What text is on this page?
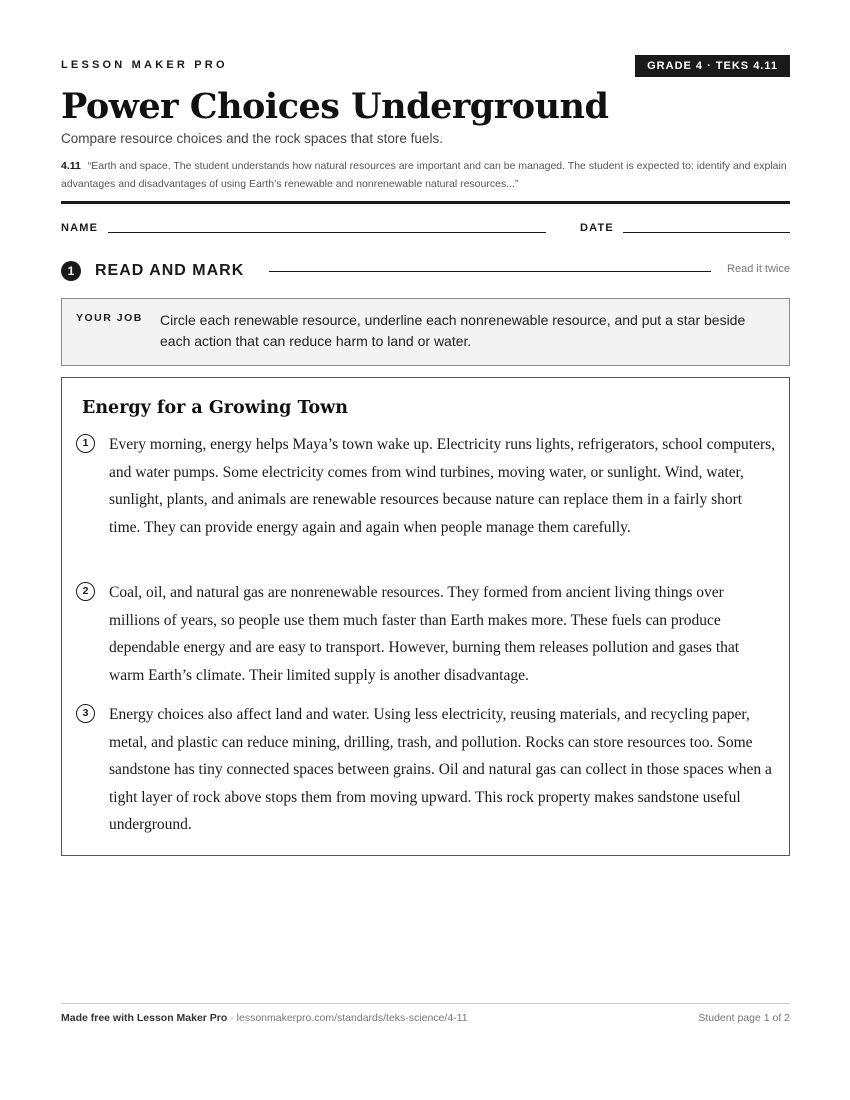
LESSON MAKER PRO	GRADE 4 · TEKS 4.11
Power Choices Underground
Compare resource choices and the rock spaces that store fuels.
4.11 “Earth and space. The student understands how natural resources are important and can be managed. The student is expected to: identify and explain advantages and disadvantages of using Earth’s renewable and nonrenewable natural resources...”
NAME	DATE
1	READ AND MARK	Read it twice
YOUR JOB Circle each renewable resource, underline each nonrenewable resource, and put a star beside each action that can reduce harm to land or water.
Energy for a Growing Town
1	Every morning, energy helps Maya’s town wake up. Electricity runs lights, refrigerators, school computers, and water pumps. Some electricity comes from wind turbines, moving water, or sunlight. Wind, water, sunlight, plants, and animals are renewable resources because nature can replace them in a fairly short time. They can provide energy again and again when people manage them carefully.
2	Coal, oil, and natural gas are nonrenewable resources. They formed from ancient living things over millions of years, so people use them much faster than Earth makes more. These fuels can produce dependable energy and are easy to transport. However, burning them releases pollution and gases that warm Earth’s climate. Their limited supply is another disadvantage.
3	Energy choices also affect land and water. Using less electricity, reusing materials, and recycling paper, metal, and plastic can reduce mining, drilling, trash, and pollution. Rocks can store resources too. Some sandstone has tiny connected spaces between grains. Oil and natural gas can collect in those spaces when a tight layer of rock above stops them from moving upward. This rock property makes sandstone useful underground.
Made free with Lesson Maker Pro · lessonmakerpro.com/standards/teks-science/4-11	Student page 1 of 2
